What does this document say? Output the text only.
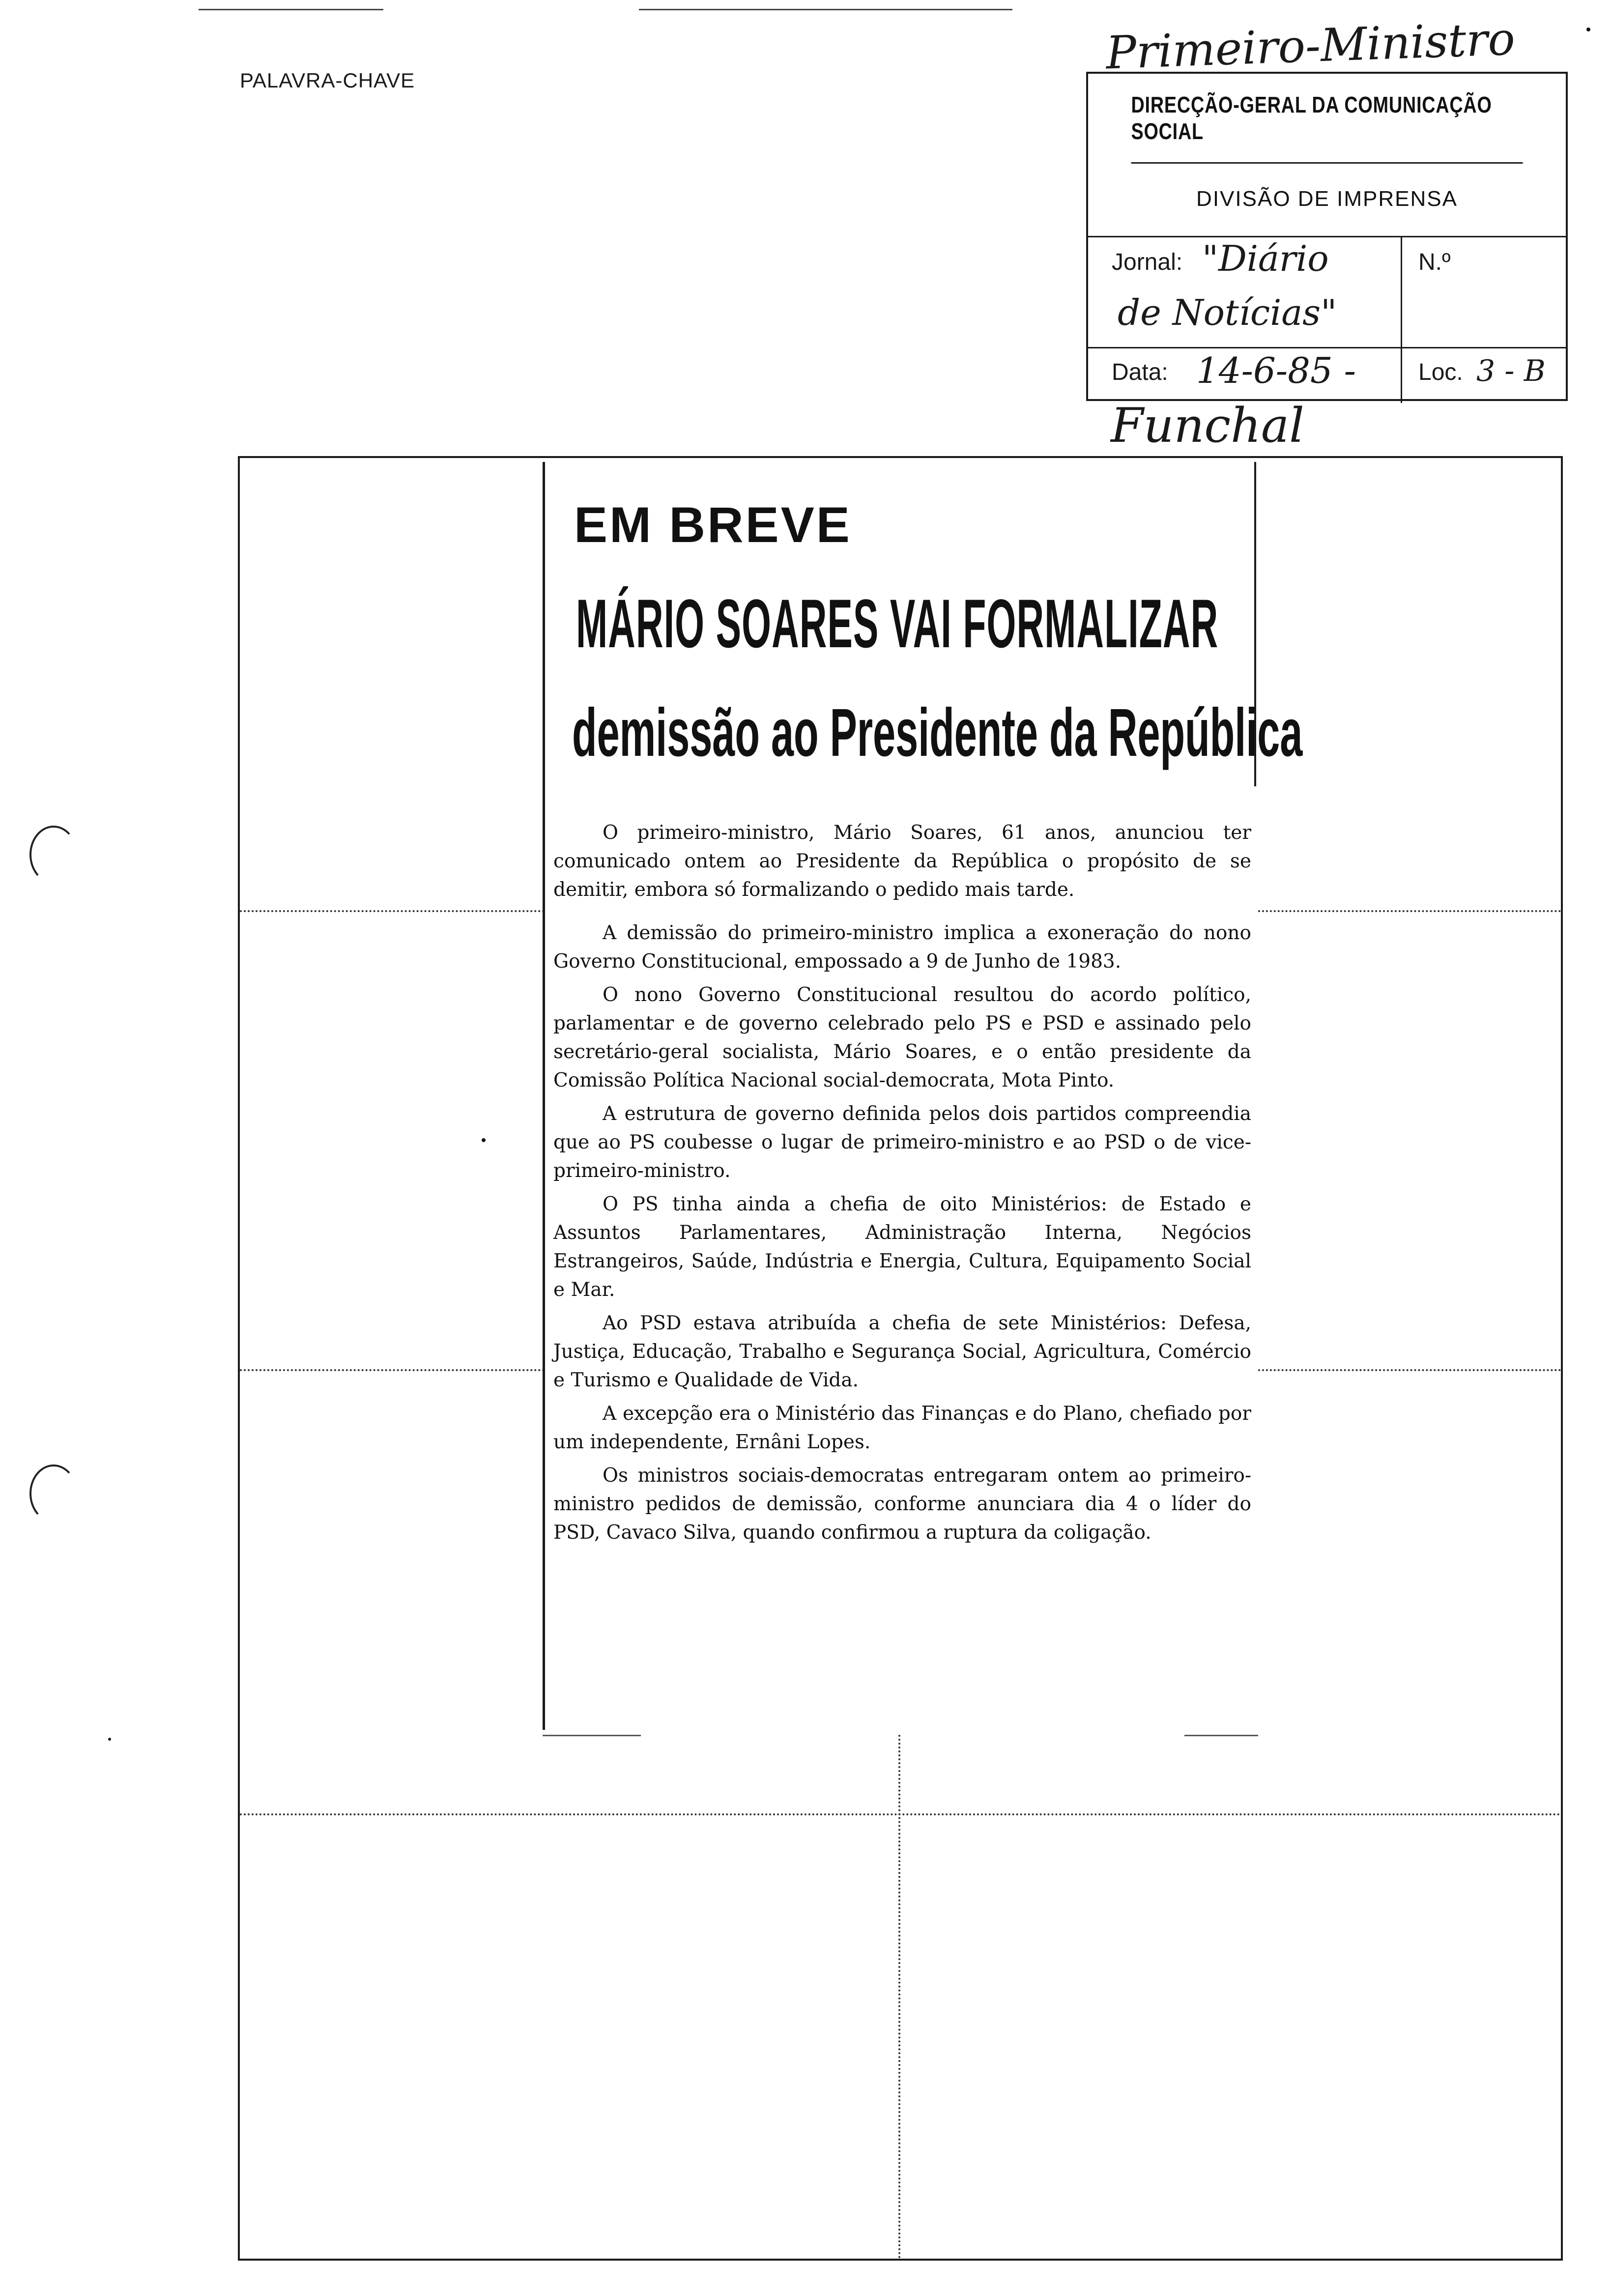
PALAVRA-CHAVE
Primeiro-Ministro
DIRECÇÃO-GERAL DA COMUNICAÇÃO SOCIAL
DIVISÃO DE IMPRENSA
Jornal: "Diário
de Notícias"
N.º
Data: 14-6-85 -	Loc. 3 - B
Funchal
EM BREVE
MÁRIO SOARES VAI FORMALIZAR
demissão ao Presidente da República

O primeiro-ministro, Mário Soares, 61 anos, anunciou ter comunicado ontem ao Presidente da República o propósito de se demitir, embora só formalizando o pedido mais tarde.

A demissão do primeiro-ministro implica a exoneração do nono Governo Constitucional, empossado a 9 de Junho de 1983.

O nono Governo Constitucional resultou do acordo político, parlamentar e de governo celebrado pelo PS e PSD e assinado pelo secretário-geral socialista, Mário Soares, e o então presidente da Comissão Política Nacional social-democrata, Mota Pinto.

A estrutura de governo definida pelos dois partidos compreendia que ao PS coubesse o lugar de primeiro-ministro e ao PSD o de vice-primeiro-ministro.

O PS tinha ainda a chefia de oito Ministérios: de Estado e Assuntos Parlamentares, Administração Interna, Negócios Estrangeiros, Saúde, Indústria e Energia, Cultura, Equipamento Social e Mar.

Ao PSD estava atribuída a chefia de sete Ministérios: Defesa, Justiça, Educação, Trabalho e Segurança Social, Agricultura, Comércio e Turismo e Qualidade de Vida.

A excepção era o Ministério das Finanças e do Plano, chefiado por um independente, Ernâni Lopes.

Os ministros sociais-democratas entregaram ontem ao primeiro-ministro pedidos de demissão, conforme anunciara dia 4 o líder do PSD, Cavaco Silva, quando confirmou a ruptura da coligação.
